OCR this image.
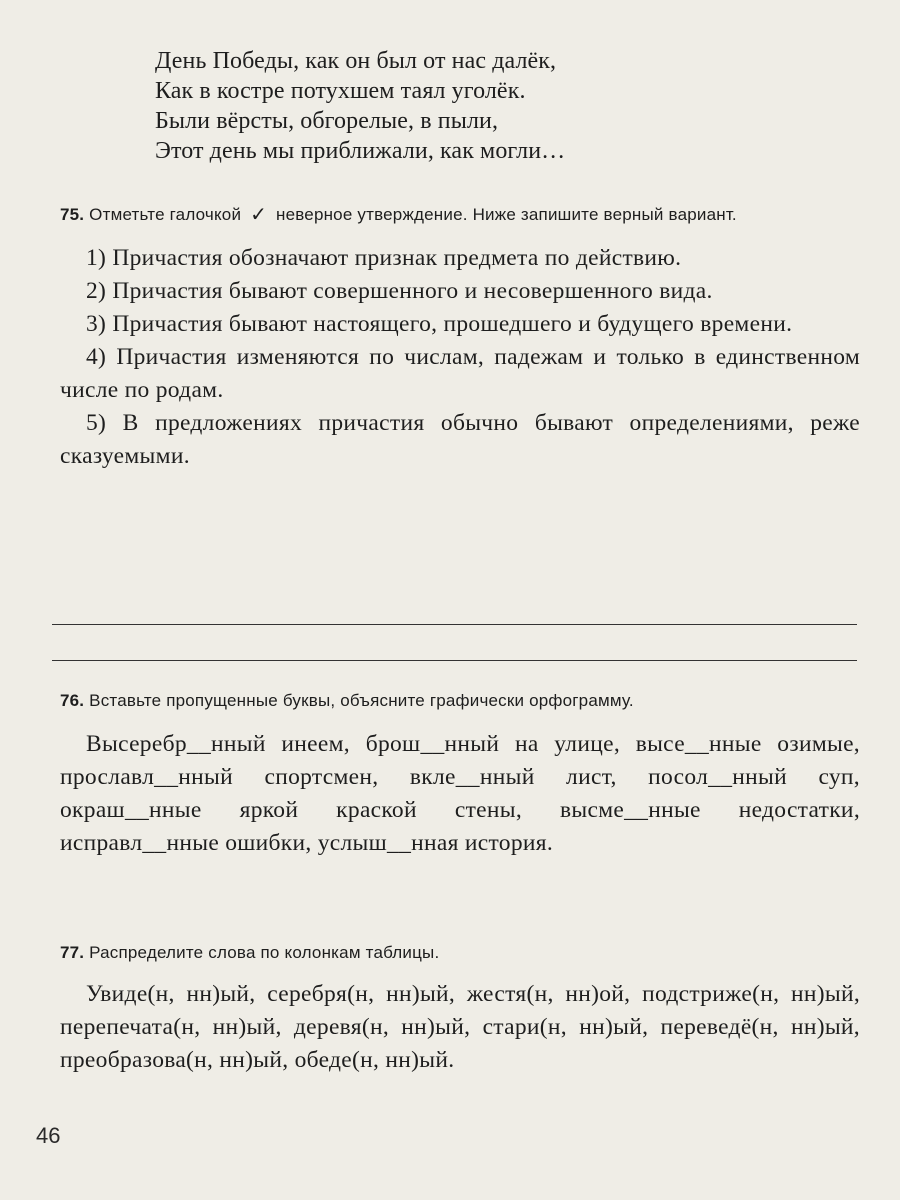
День Победы, как он был от нас далёк,
Как в костре потухшем таял уголёк.
Были вёрсты, обгорелые, в пыли,
Этот день мы приближали, как могли…
75. Отметьте галочкой ✓ неверное утверждение. Ниже запишите верный вариант.
1) Причастия обозначают признак предмета по действию.
2) Причастия бывают совершенного и несовершенного вида.
3) Причастия бывают настоящего, прошедшего и будущего времени.
4) Причастия изменяются по числам, падежам и только в единственном числе по родам.
5) В предложениях причастия обычно бывают определениями, реже сказуемыми.
76. Вставьте пропущенные буквы, объясните графически орфограмму.
Высеребр__нный инеем, брош__нный на улице, высе__нные озимые, прославл__нный спортсмен, вкле__нный лист, посол__нный суп, окраш__нные яркой краской стены, высме__нные недостатки, исправл__нные ошибки, услыш__нная история.
77. Распределите слова по колонкам таблицы.
Увиде(н, нн)ый, серебря(н, нн)ый, жестя(н, нн)ой, подстриже(н, нн)ый, перепечата(н, нн)ый, деревя(н, нн)ый, стари(н, нн)ый, переведё(н, нн)ый, преобразова(н, нн)ый, обеде(н, нн)ый.
46
